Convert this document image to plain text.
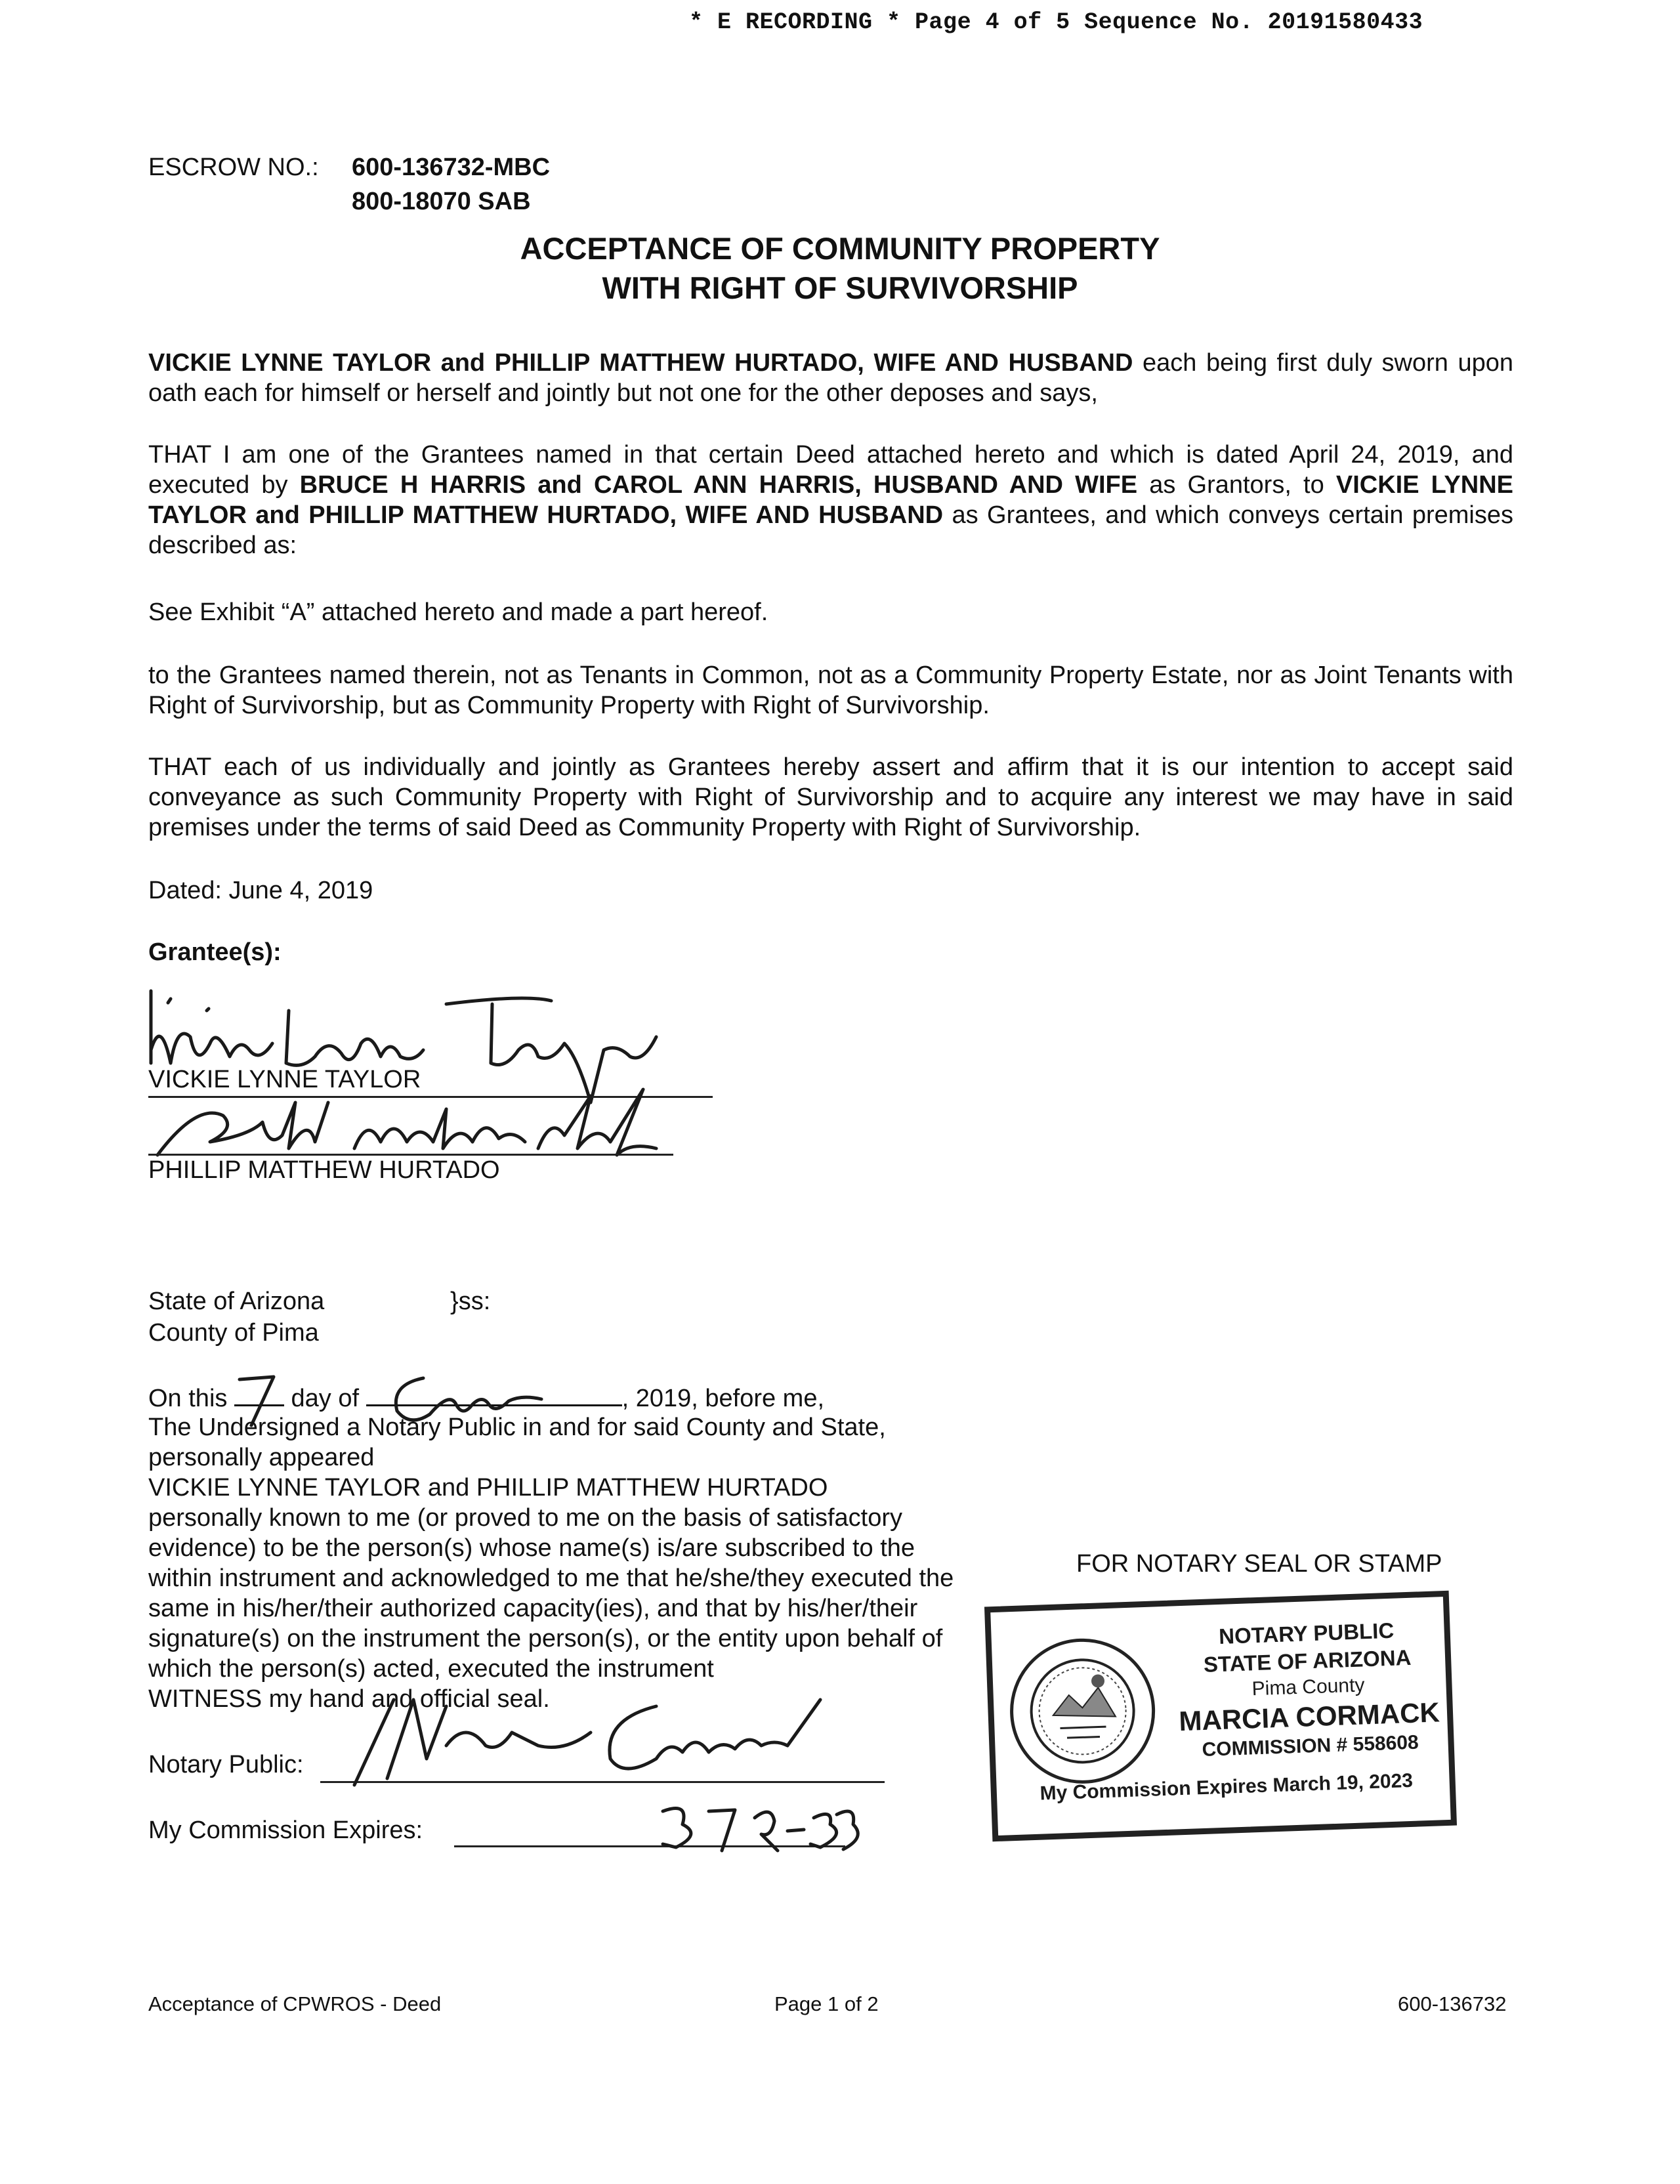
* E RECORDING * Page 4 of 5 Sequence No. 20191580433
ESCROW NO.: 600-136732-MBC
800-18070 SAB
ACCEPTANCE OF COMMUNITY PROPERTY
WITH RIGHT OF SURVIVORSHIP
VICKIE LYNNE TAYLOR and PHILLIP MATTHEW HURTADO, WIFE AND HUSBAND each being first duly sworn upon oath each for himself or herself and jointly but not one for the other deposes and says,
THAT I am one of the Grantees named in that certain Deed attached hereto and which is dated April 24, 2019, and executed by BRUCE H HARRIS and CAROL ANN HARRIS, HUSBAND AND WIFE as Grantors, to VICKIE LYNNE TAYLOR and PHILLIP MATTHEW HURTADO, WIFE AND HUSBAND as Grantees, and which conveys certain premises described as:
See Exhibit “A” attached hereto and made a part hereof.
to the Grantees named therein, not as Tenants in Common, not as a Community Property Estate, nor as Joint Tenants with Right of Survivorship, but as Community Property with Right of Survivorship.
THAT each of us individually and jointly as Grantees hereby assert and affirm that it is our intention to accept said conveyance as such Community Property with Right of Survivorship and to acquire any interest we may have in said premises under the terms of said Deed as Community Property with Right of Survivorship.
Dated: June 4, 2019
Grantee(s):
VICKIE LYNNE TAYLOR
PHILLIP MATTHEW HURTADO
State of Arizona	}ss:
County of Pima
On this	day of	, 2019, before me,
The Undersigned a Notary Public in and for said County and State,
personally appeared
VICKIE LYNNE TAYLOR and PHILLIP MATTHEW HURTADO
personally known to me (or proved to me on the basis of satisfactory
evidence) to be the person(s) whose name(s) is/are subscribed to the
within instrument and acknowledged to me that he/she/they executed the
same in his/her/their authorized capacity(ies), and that by his/her/their
signature(s) on the instrument the person(s), or the entity upon behalf of
which the person(s) acted, executed the instrument
WITNESS my hand and official seal.
Notary Public:
My Commission Expires:
FOR NOTARY SEAL OR STAMP
NOTARY PUBLIC
STATE OF ARIZONA
Pima County
MARCIA CORMACK
COMMISSION # 558608
My Commission Expires March 19, 2023
Acceptance of CPWROS - Deed	Page 1 of 2	600-136732
